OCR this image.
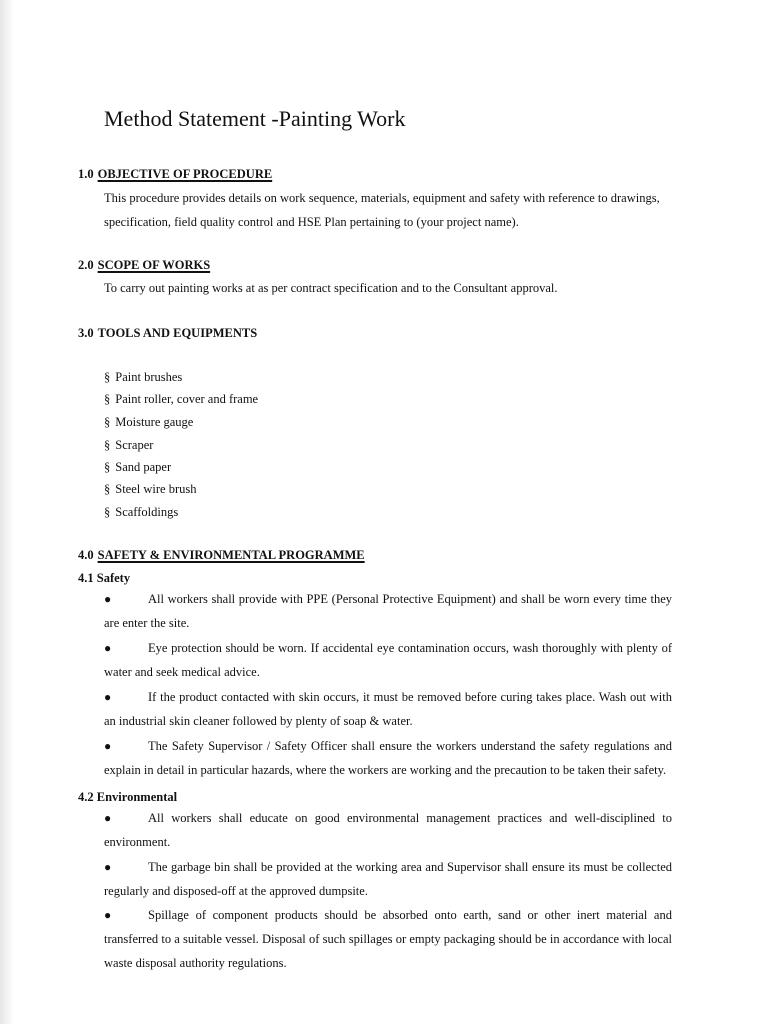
Method Statement -Painting Work
1.0 OBJECTIVE OF PROCEDURE
This procedure provides details on work sequence, materials, equipment and safety with reference to drawings, specification, field quality control and HSE Plan pertaining to (your project name).
2.0 SCOPE OF WORKS
To carry out painting works at as per contract specification and to the Consultant approval.
3.0 TOOLS AND EQUIPMENTS
§ Paint brushes
§ Paint roller, cover and frame
§ Moisture gauge
§ Scraper
§ Sand paper
§ Steel wire brush
§ Scaffoldings
4.0 SAFETY & ENVIRONMENTAL PROGRAMME
4.1 Safety
●	All workers shall provide with PPE (Personal Protective Equipment) and shall be worn every time they are enter the site.
●	Eye protection should be worn. If accidental eye contamination occurs, wash thoroughly with plenty of water and seek medical advice.
●	If the product contacted with skin occurs, it must be removed before curing takes place. Wash out with an industrial skin cleaner followed by plenty of soap & water.
●	The Safety Supervisor / Safety Officer shall ensure the workers understand the safety regulations and explain in detail in particular hazards, where the workers are working and the precaution to be taken their safety.
4.2 Environmental
●	All workers shall educate on good environmental management practices and well-disciplined to environment.
●	The garbage bin shall be provided at the working area and Supervisor shall ensure its must be collected regularly and disposed-off at the approved dumpsite.
●	Spillage of component products should be absorbed onto earth, sand or other inert material and transferred to a suitable vessel. Disposal of such spillages or empty packaging should be in accordance with local waste disposal authority regulations.
